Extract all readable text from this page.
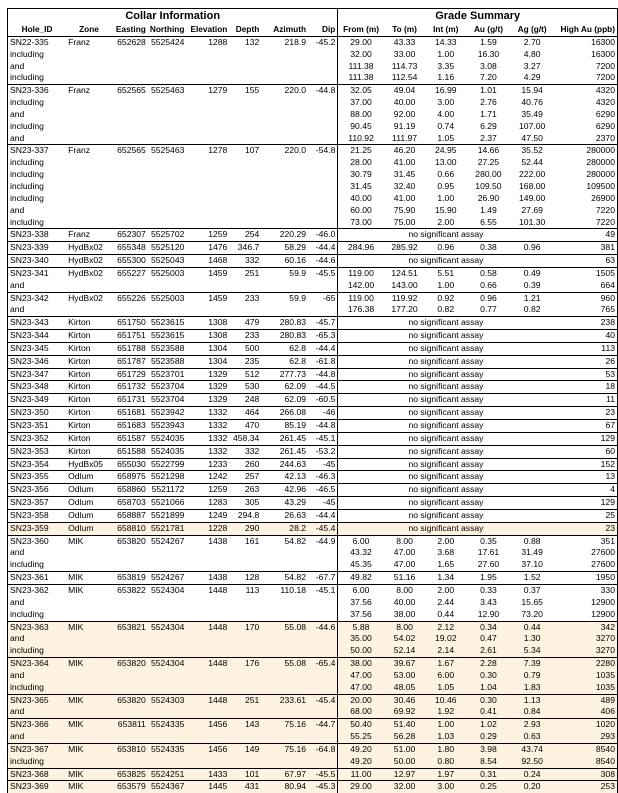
Collar Information								Grade Summary					
Hole_ID	Zone	Easting	Northing	Elevation	Depth	Azimuth	Dip	From (m)	To (m)	Int (m)	Au (g/t)	Ag (g/t)	High Au (ppb)
SN22-335	Franz	652628	5525424	1288	132	218.9	-45.2	29.00	43.33	14.33	1.59	2.70	16300
including								32.00	33.00	1.00	16.30	4.80	16300
and								111.38	114.73	3.35	3.08	3.27	7200
including								111.38	112.54	1.16	7.20	4.29	7200
SN23-336	Franz	652565	5525463	1279	155	220.0	-44.8	32.05	49.04	16.99	1.01	15.94	4320
including								37.00	40.00	3.00	2.76	40.76	4320
and								88.00	92.00	4.00	1.71	35.49	6290
including								90.45	91.19	0.74	6.29	107.00	6290
and								110.92	111.97	1.05	2.37	47.50	2370
SN23-337	Franz	652565	5525463	1278	107	220.0	-54.8	21.25	46.20	24.95	14.66	35.52	280000
including								28.00	41.00	13.00	27.25	52.44	280000
including								30.79	31.45	0.66	280.00	222.00	280000
including								31.45	32.40	0.95	109.50	168.00	109500
including								40.00	41.00	1.00	26.90	149.00	26900
and								60.00	75.90	15.90	1.49	27.69	7220
including								73.00	75.00	2.00	6.55	101.30	7220
SN23-338	Franz	652307	5525702	1259	254	220.29	-46.0	no significant assay					49
SN23-339	HydBx02	655348	5525120	1476	346.7	58.29	-44.4	284.96	285.92	0.96	0.38	0.96	381
SN23-340	HydBx02	655300	5525043	1468	332	60.16	-44.6	no significant assay					63
SN23-341	HydBx02	655227	5525003	1459	251	59.9	-45.5	119.00	124.51	5.51	0.58	0.49	1505
and								142.00	143.00	1.00	0.66	0.39	664
SN23-342	HydBx02	655226	5525003	1459	233	59.9	-65	119.00	119.92	0.92	0.96	1.21	960
and								176.38	177.20	0.82	0.77	0.82	765
SN23-343	Kirton	651750	5523615	1308	479	280.83	-45.7	no significant assay					238
SN23-344	Kirton	651751	5523615	1308	233	280.83	-65.3	no significant assay					40
SN23-345	Kirton	651788	5523588	1304	500	62.8	-44.4	no significant assay					113
SN23-346	Kirton	651787	5523588	1304	235	62.8	-61.8	no significant assay					26
SN23-347	Kirton	651729	5523701	1329	512	277.73	-44.8	no significant assay					53
SN23-348	Kirton	651732	5523704	1329	530	62.09	-44.5	no significant assay					18
SN23-349	Kirton	651731	5523704	1329	248	62.09	-60.5	no significant assay					11
SN23-350	Kirton	651681	5523942	1332	464	266.08	-46	no significant assay					23
SN23-351	Kirton	651683	5523943	1332	470	85.19	-44.8	no significant assay					67
SN23-352	Kirton	651587	5524035	1332	458.34	261.45	-45.1	no significant assay					129
SN23-353	Kirton	651588	5524035	1332	332	261.45	-53.2	no significant assay					60
SN23-354	HydBx05	655030	5522799	1233	260	244.63	-45	no significant assay					152
SN23-355	Odlum	658975	5521298	1242	257	42.13	-46.3	no significant assay					13
SN23-356	Odlum	658860	5521172	1259	263	42.96	-46.5	no significant assay					4
SN23-357	Odlum	658703	5521066	1283	305	43.29	-45	no significant assay					129
SN23-358	Odlum	658887	5521899	1249	294.8	26.63	-44.4	no significant assay					25
SN23-359	Odlum	658810	5521781	1228	290	28.2	-45.4	no significant assay					23
SN23-360	MIK	653820	5524267	1438	161	54.82	-44.9	6.00	8.00	2.00	0.35	0.88	351
and								43.32	47.00	3.68	17.61	31.49	27600
including								45.35	47.00	1.65	27.60	37.10	27600
SN23-361	MIK	653819	5524267	1438	128	54.82	-67.7	49.82	51.16	1.34	1.95	1.52	1950
SN23-362	MIK	653822	5524304	1448	113	110.18	-45.1	6.00	8.00	2.00	0.33	0.37	330
and								37.56	40.00	2.44	3.43	15.65	12900
including								37.56	38.00	0.44	12.90	73.20	12900
SN23-363	MIK	653821	5524304	1448	170	55.08	-44.6	5.88	8.00	2.12	0.34	0.44	342
and								35.00	54.02	19.02	0.47	1.30	3270
including								50.00	52.14	2.14	2.61	5.34	3270
SN23-364	MIK	653820	5524304	1448	176	55.08	-65.4	38.00	39.67	1.67	2.28	7.39	2280
and								47.00	53.00	6.00	0.30	0.79	1035
including								47.00	48.05	1.05	1.04	1.83	1035
SN23-365	MIK	653820	5524303	1448	251	233.61	-45.4	20.00	30.46	10.46	0.30	1.13	489
and								68.00	69.92	1.92	0.41	0.84	406
SN23-366	MIK	653811	5524335	1456	143	75.16	-44.7	50.40	51.40	1.00	1.02	2.93	1020
and								55.25	56.28	1.03	0.29	0.63	293
SN23-367	MIK	653810	5524335	1456	149	75.16	-64.8	49.20	51.00	1.80	3.98	43.74	8540
including								49.20	50.00	0.80	8.54	92.50	8540
SN23-368	MIK	653825	5524251	1433	101	67.97	-45.5	11.00	12.97	1.97	0.31	0.24	308
SN23-369	MIK	653579	5524367	1445	431	80.94	-45.3	29.00	32.00	3.00	0.25	0.20	253
